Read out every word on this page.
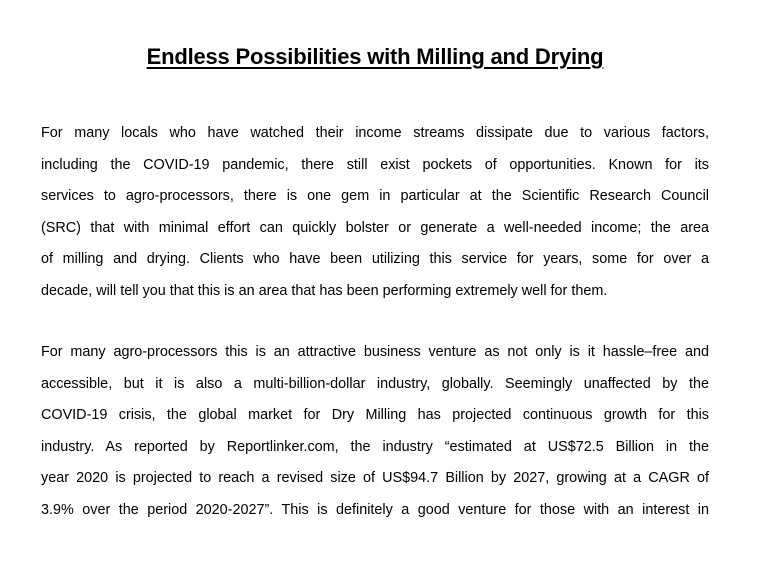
Endless Possibilities with Milling and Drying

For many locals who have watched their income streams dissipate due to various factors,
including the COVID-19 pandemic, there still exist pockets of opportunities. Known for its
services to agro-processors, there is one gem in particular at the Scientific Research Council
(SRC) that with minimal effort can quickly bolster or generate a well-needed income; the area
of milling and drying. Clients who have been utilizing this service for years, some for over a
decade, will tell you that this is an area that has been performing extremely well for them.

For many agro-processors this is an attractive business venture as not only is it hassle–free and
accessible, but it is also a multi-billion-dollar industry, globally. Seemingly unaffected by the
COVID-19 crisis, the global market for Dry Milling has projected continuous growth for this
industry. As reported by Reportlinker.com, the industry “estimated at US$72.5 Billion in the
year 2020 is projected to reach a revised size of US$94.7 Billion by 2027, growing at a CAGR of
3.9% over the period 2020-2027”. This is definitely a good venture for those with an interest in
